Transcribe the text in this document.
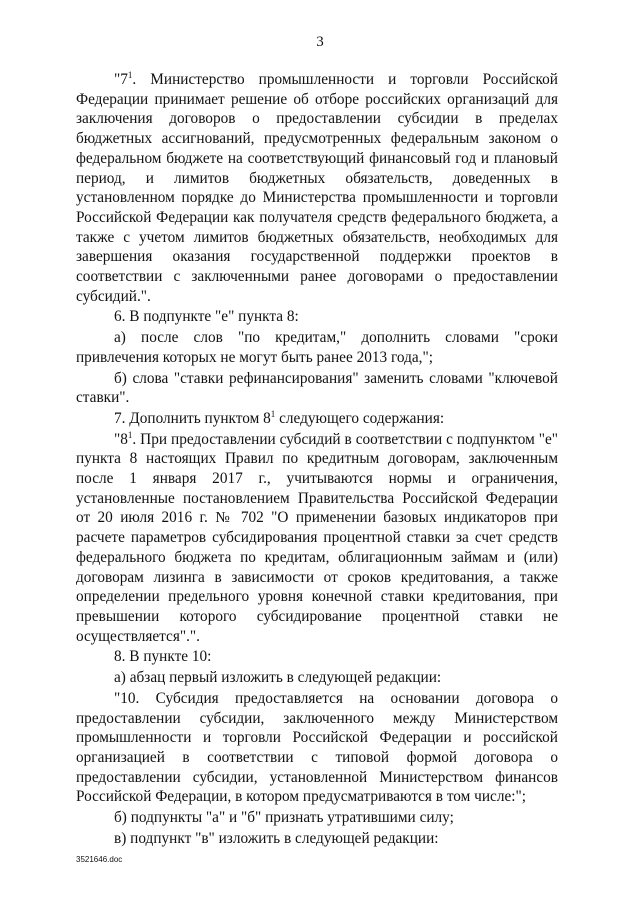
3

"$7^1$. Министерство промышленности и торговли Российской Федерации принимает решение об отборе российских организаций для заключения договоров о предоставлении субсидии в пределах бюджетных ассигнований, предусмотренных федеральным законом о федеральном бюджете на соответствующий финансовый год и плановый период, и лимитов бюджетных обязательств, доведенных в установленном порядке до Министерства промышленности и торговли Российской Федерации как получателя средств федерального бюджета, а также с учетом лимитов бюджетных обязательств, необходимых для завершения оказания государственной поддержки проектов в соответствии с заключенными ранее договорами о предоставлении субсидий.".

6. В подпункте "е" пункта 8:

а) после слов "по кредитам," дополнить словами "сроки привлечения которых не могут быть ранее 2013 года,";

б) слова "ставки рефинансирования" заменить словами "ключевой ставки".

7. Дополнить пунктом $8^1$ следующего содержания:

"$8^1$. При предоставлении субсидий в соответствии с подпунктом "е" пункта 8 настоящих Правил по кредитным договорам, заключенным после 1 января 2017 г., учитываются нормы и ограничения, установленные постановлением Правительства Российской Федерации от 20 июля 2016 г. № 702 "О применении базовых индикаторов при расчете параметров субсидирования процентной ставки за счет средств федерального бюджета по кредитам, облигационным займам и (или) договорам лизинга в зависимости от сроков кредитования, а также определении предельного уровня конечной ставки кредитования, при превышении которого субсидирование процентной ставки не осуществляется".".

8. В пункте 10:

а) абзац первый изложить в следующей редакции:

"10. Субсидия предоставляется на основании договора о предоставлении субсидии, заключенного между Министерством промышленности и торговли Российской Федерации и российской организацией в соответствии с типовой формой договора о предоставлении субсидии, установленной Министерством финансов Российской Федерации, в котором предусматриваются в том числе:";

б) подпункты "а" и "б" признать утратившими силу;

в) подпункт "в" изложить в следующей редакции:

3521646.doc
